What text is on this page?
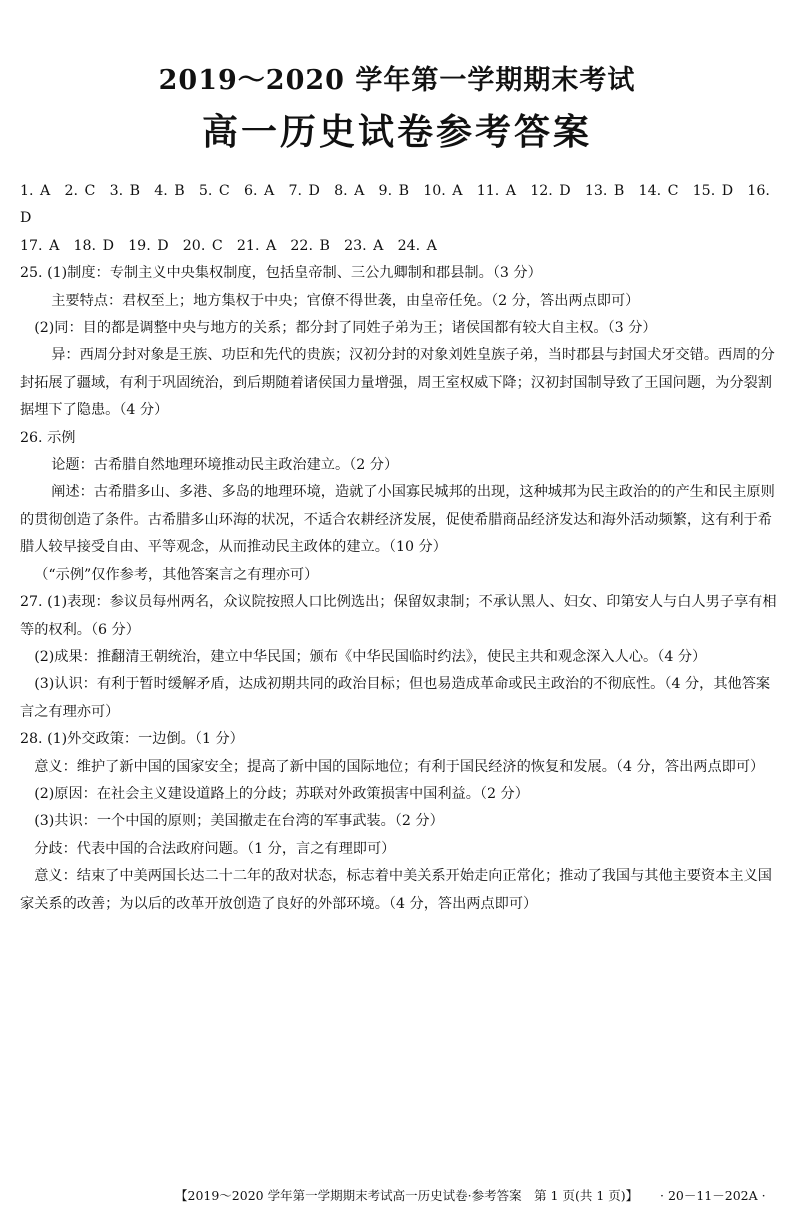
2019～2020 学年第一学期期末考试
高一历史试卷参考答案
1. A　2. C　3. B　4. B　5. C　6. A　7. D　8. A　9. B　10. A　11. A　12. D　13. B　14. C　15. D　16. D
17. A　18. D　19. D　20. C　21. A　22. B　23. A　24. A

25. (1)制度：专制主义中央集权制度，包括皇帝制、三公九卿制和郡县制。（3 分）

主要特点：君权至上；地方集权于中央；官僚不得世袭，由皇帝任免。（2 分，答出两点即可）

(2)同：目的都是调整中央与地方的关系；都分封了同姓子弟为王；诸侯国都有较大自主权。（3 分）

异：西周分封对象是王族、功臣和先代的贵族；汉初分封的对象刘姓皇族子弟，当时郡县与封国犬牙交错。西周的分封拓展了疆域，有利于巩固统治，到后期随着诸侯国力量增强，周王室权威下降；汉初封国制导致了王国问题，为分裂割据埋下了隐患。（4 分）

26. 示例

论题：古希腊自然地理环境推动民主政治建立。（2 分）

阐述：古希腊多山、多港、多岛的地理环境，造就了小国寡民城邦的出现，这种城邦为民主政治的的产生和民主原则的贯彻创造了条件。古希腊多山环海的状况，不适合农耕经济发展，促使希腊商品经济发达和海外活动频繁，这有利于希腊人较早接受自由、平等观念，从而推动民主政体的建立。（10 分）

（“示例”仅作参考，其他答案言之有理亦可）

27. (1)表现：参议员每州两名，众议院按照人口比例选出；保留奴隶制；不承认黑人、妇女、印第安人与白人男子享有相等的权利。（6 分）

(2)成果：推翻清王朝统治，建立中华民国；颁布《中华民国临时约法》，使民主共和观念深入人心。（4 分）

(3)认识：有利于暂时缓解矛盾，达成初期共同的政治目标；但也易造成革命或民主政治的不彻底性。（4 分，其他答案言之有理亦可）

28. (1)外交政策：一边倒。（1 分）

意义：维护了新中国的国家安全；提高了新中国的国际地位；有利于国民经济的恢复和发展。（4 分，答出两点即可）

(2)原因：在社会主义建设道路上的分歧；苏联对外政策损害中国利益。（2 分）

(3)共识：一个中国的原则；美国撤走在台湾的军事武装。（2 分）

分歧：代表中国的合法政府问题。（1 分，言之有理即可）

意义：结束了中美两国长达二十二年的敌对状态，标志着中美关系开始走向正常化；推动了我国与其他主要资本主义国家关系的改善；为以后的改革开放创造了良好的外部环境。（4 分，答出两点即可）

【2019～2020 学年第一学期期末考试高一历史试卷·参考答案　第 1 页(共 1 页)】 · 20－11－202A ·
